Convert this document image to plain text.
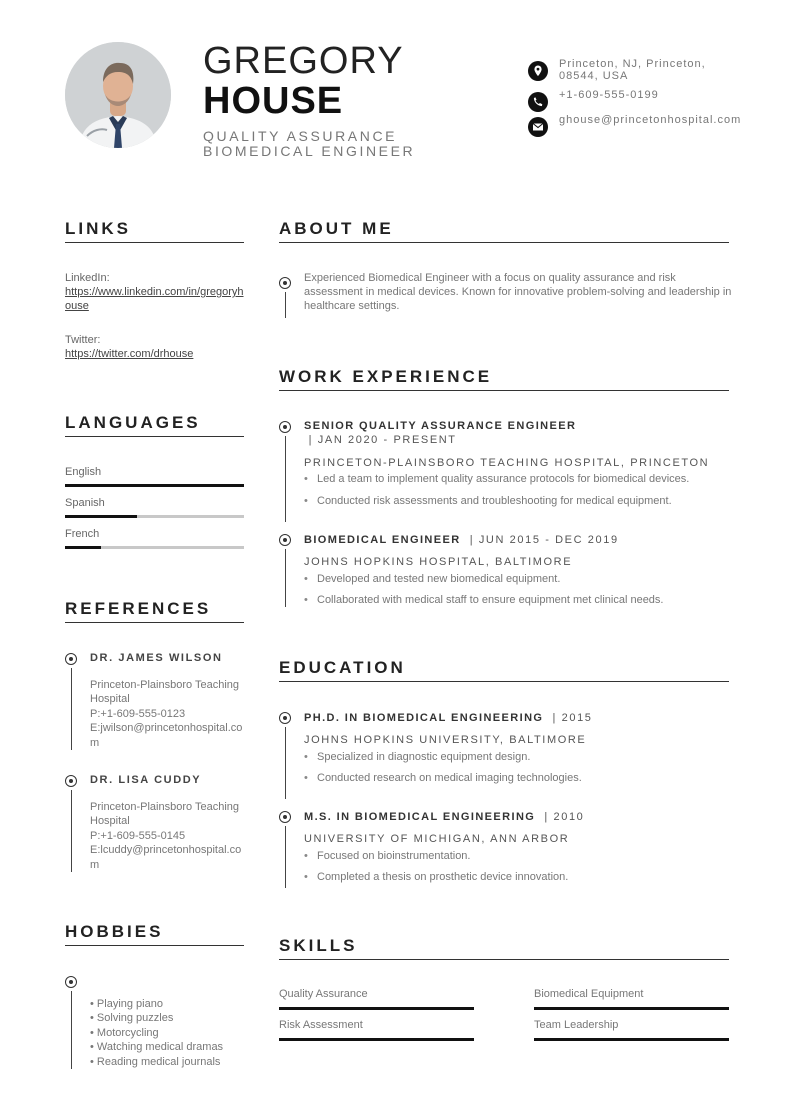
GREGORY
HOUSE
QUALITY ASSURANCE BIOMEDICAL ENGINEER
Princeton, NJ, Princeton, 08544, USA
+1-609-555-0199
ghouse@princetonhospital.com
LINKS
LinkedIn:
https://www.linkedin.com/in/gregoryhouse
Twitter:
https://twitter.com/drhouse
LANGUAGES
English
Spanish
French
REFERENCES
DR. JAMES WILSON
Princeton-Plainsboro Teaching Hospital
P:+1-609-555-0123
E:jwilson@princetonhospital.com
DR. LISA CUDDY
Princeton-Plainsboro Teaching Hospital
P:+1-609-555-0145
E:lcuddy@princetonhospital.com
HOBBIES
• Playing piano
• Solving puzzles
• Motorcycling
• Watching medical dramas
• Reading medical journals
ABOUT ME
Experienced Biomedical Engineer with a focus on quality assurance and risk assessment in medical devices. Known for innovative problem-solving and leadership in healthcare settings.
WORK EXPERIENCE
SENIOR QUALITY ASSURANCE ENGINEER
| JAN 2020 - PRESENT
PRINCETON-PLAINSBORO TEACHING HOSPITAL, PRINCETON
• Led a team to implement quality assurance protocols for biomedical devices.
• Conducted risk assessments and troubleshooting for medical equipment.
BIOMEDICAL ENGINEER | JUN 2015 - DEC 2019
JOHNS HOPKINS HOSPITAL, BALTIMORE
• Developed and tested new biomedical equipment.
• Collaborated with medical staff to ensure equipment met clinical needs.
EDUCATION
PH.D. IN BIOMEDICAL ENGINEERING | 2015
JOHNS HOPKINS UNIVERSITY, BALTIMORE
• Specialized in diagnostic equipment design.
• Conducted research on medical imaging technologies.
M.S. IN BIOMEDICAL ENGINEERING | 2010
UNIVERSITY OF MICHIGAN, ANN ARBOR
• Focused on bioinstrumentation.
• Completed a thesis on prosthetic device innovation.
SKILLS
Quality Assurance	Biomedical Equipment
Risk Assessment	Team Leadership
